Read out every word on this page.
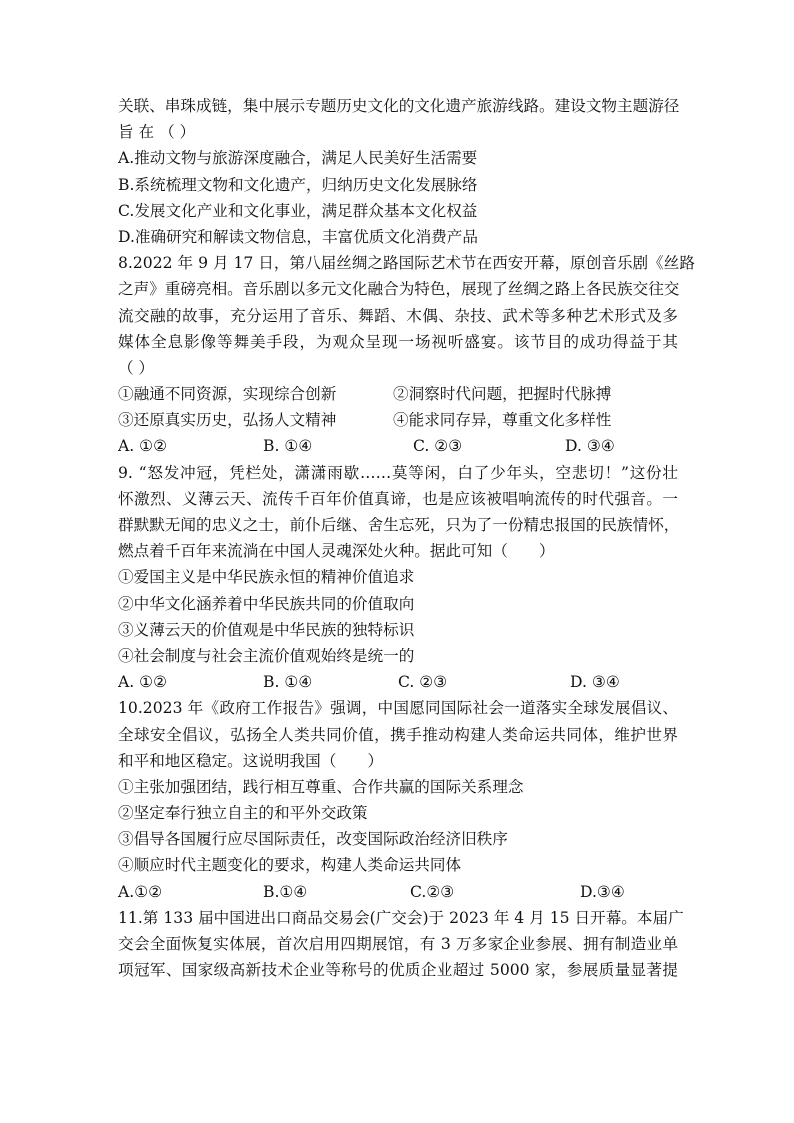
关联、串珠成链，集中展示专题历史文化的文化遗产旅游线路。建设文物主题游径
旨 在 （ ）
A.推动文物与旅游深度融合，满足人民美好生活需要
B.系统梳理文物和文化遗产，归纳历史文化发展脉络
C.发展文化产业和文化事业，满足群众基本文化权益
D.准确研究和解读文物信息，丰富优质文化消费产品
8.2022 年 9 月 17 日，第八届丝绸之路国际艺术节在西安开幕，原创音乐剧《丝路
之声》重磅亮相。音乐剧以多元文化融合为特色，展现了丝绸之路上各民族交往交
流交融的故事，充分运用了音乐、舞蹈、木偶、杂技、武术等多种艺术形式及多
媒体全息影像等舞美手段，为观众呈现一场视听盛宴。该节目的成功得益于其
（ ）
①融通不同资源，实现综合创新	②洞察时代问题，把握时代脉搏
③还原真实历史，弘扬人文精神	④能求同存异，尊重文化多样性
A. ①②	B. ①④	C. ②③	D. ③④
9. “怒发冲冠，凭栏处，潇潇雨歇……莫等闲，白了少年头，空悲切！”这份壮
怀激烈、义薄云天、流传千百年价值真谛，也是应该被唱响流传的时代强音。一
群默默无闻的忠义之士，前仆后继、舍生忘死，只为了一份精忠报国的民族情怀，
燃点着千百年来流淌在中国人灵魂深处火种。据此可知（　　）
①爱国主义是中华民族永恒的精神价值追求
②中华文化涵养着中华民族共同的价值取向
③义薄云天的价值观是中华民族的独特标识
④社会制度与社会主流价值观始终是统一的
A. ①②	B. ①④	C. ②③	D. ③④
10.2023 年《政府工作报告》强调，中国愿同国际社会一道落实全球发展倡议、
全球安全倡议，弘扬全人类共同价值，携手推动构建人类命运共同体，维护世界
和平和地区稳定。这说明我国（　　）
①主张加强团结，践行相互尊重、合作共赢的国际关系理念
②坚定奉行独立自主的和平外交政策
③倡导各国履行应尽国际责任，改变国际政治经济旧秩序
④顺应时代主题变化的要求，构建人类命运共同体
A.①②	B.①④	C.②③	D.③④
11.第 133 届中国进出口商品交易会(广交会)于 2023 年 4 月 15 日开幕。本届广
交会全面恢复实体展，首次启用四期展馆，有 3 万多家企业参展、拥有制造业单
项冠军、国家级高新技术企业等称号的优质企业超过 5000 家，参展质量显著提
